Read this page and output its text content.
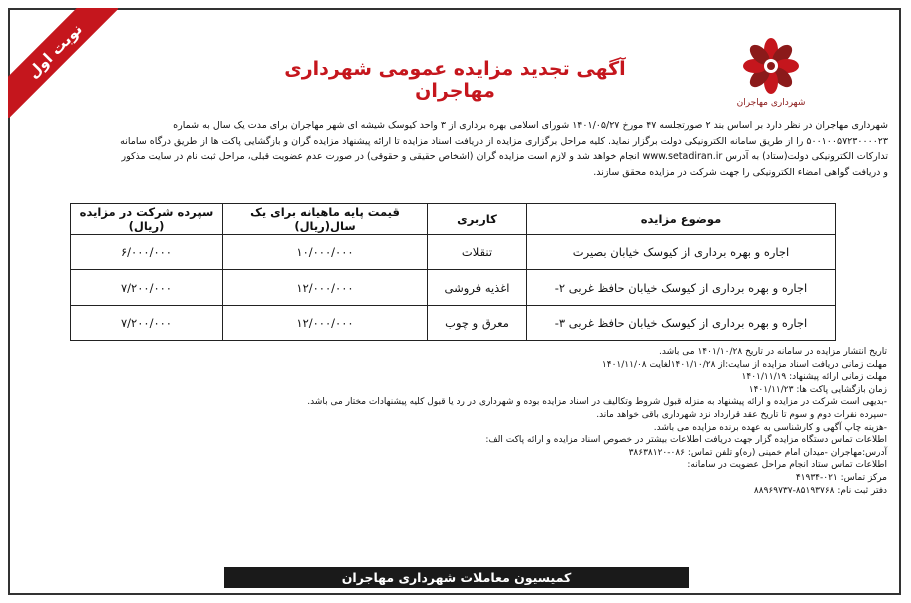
نوبت اول
شهرداری مهاجران
آگهی تجدید مزایده عمومی شهرداری مهاجران
شهرداری مهاجران در نظر دارد بر اساس بند ۲ صورتجلسه ۴۷ مورخ ۱۴۰۱/۰۵/۲۷ شورای اسلامی بهره برداری از ۳ واحد کیوسک شیشه ای شهر مهاجران برای مدت یک سال به شماره
۵۰۰۱۰۰۵۷۲۳۰۰۰۰۲۳ را از طریق سامانه الکترونیکی دولت برگزار نماید. کلیه مراحل برگزاری مزایده از دریافت اسناد مزایده تا ارائه پیشنهاد مزایده گران و بازگشایی پاکت ها از طریق درگاه سامانه
تدارکات الکترونیکی دولت(ستاد) به آدرس www.setadiran.ir انجام خواهد شد و لازم است مزایده گران (اشخاص حقیقی و حقوقی) در صورت عدم عضویت قبلی، مراحل ثبت نام در سایت مذکور
و دریافت گواهی امضاء الکترونیکی را جهت شرکت در مزایده محقق سازند.
موضوع مزایده	کاربری	قیمت پایه ماهیانه برای یک سال(ریال)	سپرده شرکت در مزایده (ریال)
اجاره و بهره برداری از کیوسک خیابان بصیرت	تنقلات	۱۰/۰۰۰/۰۰۰	۶/۰۰۰/۰۰۰
اجاره و بهره برداری از کیوسک خیابان حافظ غربی ۲-	اغذیه فروشی	۱۲/۰۰۰/۰۰۰	۷/۲۰۰/۰۰۰
اجاره و بهره برداری از کیوسک خیابان حافظ غربی ۳-	معرق و چوب	۱۲/۰۰۰/۰۰۰	۷/۲۰۰/۰۰۰
تاریخ انتشار مزایده در سامانه در تاریخ ۱۴۰۱/۱۰/۲۸ می باشد.
مهلت زمانی دریافت اسناد مزایده از سایت:از ۱۴۰۱/۱۰/۲۸لغایت ۱۴۰۱/۱۱/۰۸
مهلت زمانی ارائه پیشنهاد: ۱۴۰۱/۱۱/۱۹
زمان بازگشایی پاکت ها: ۱۴۰۱/۱۱/۲۳
-بدیهی است شرکت در مزایده و ارائه پیشنهاد به منزله قبول شروط وتکالیف در اسناد مزایده بوده و شهرداری در رد یا قبول کلیه پیشنهادات مختار می باشد.
-سپرده نفرات دوم و سوم تا تاریخ عقد قرارداد نزد شهرداری باقی خواهد ماند.
-هزینه چاپ آگهی و کارشناسی به عهده برنده مزایده می باشد.
اطلاعات تماس دستگاه مزایده گزار جهت دریافت اطلاعات بیشتر در خصوص اسناد مزایده و ارائه پاکت الف:
آدرس:مهاجران -میدان امام خمینی (ره)و تلفن تماس: ۰۸۶-۳۸۶۳۸۱۲۰
اطلاعات تماس ستاد انجام مراحل عضویت در سامانه:
مرکز تماس: ۰۲۱-۴۱۹۳۴
دفتر ثبت نام: ۸۵۱۹۳۷۶۸-۸۸۹۶۹۷۳۷
کمیسیون معاملات شهرداری مهاجران
